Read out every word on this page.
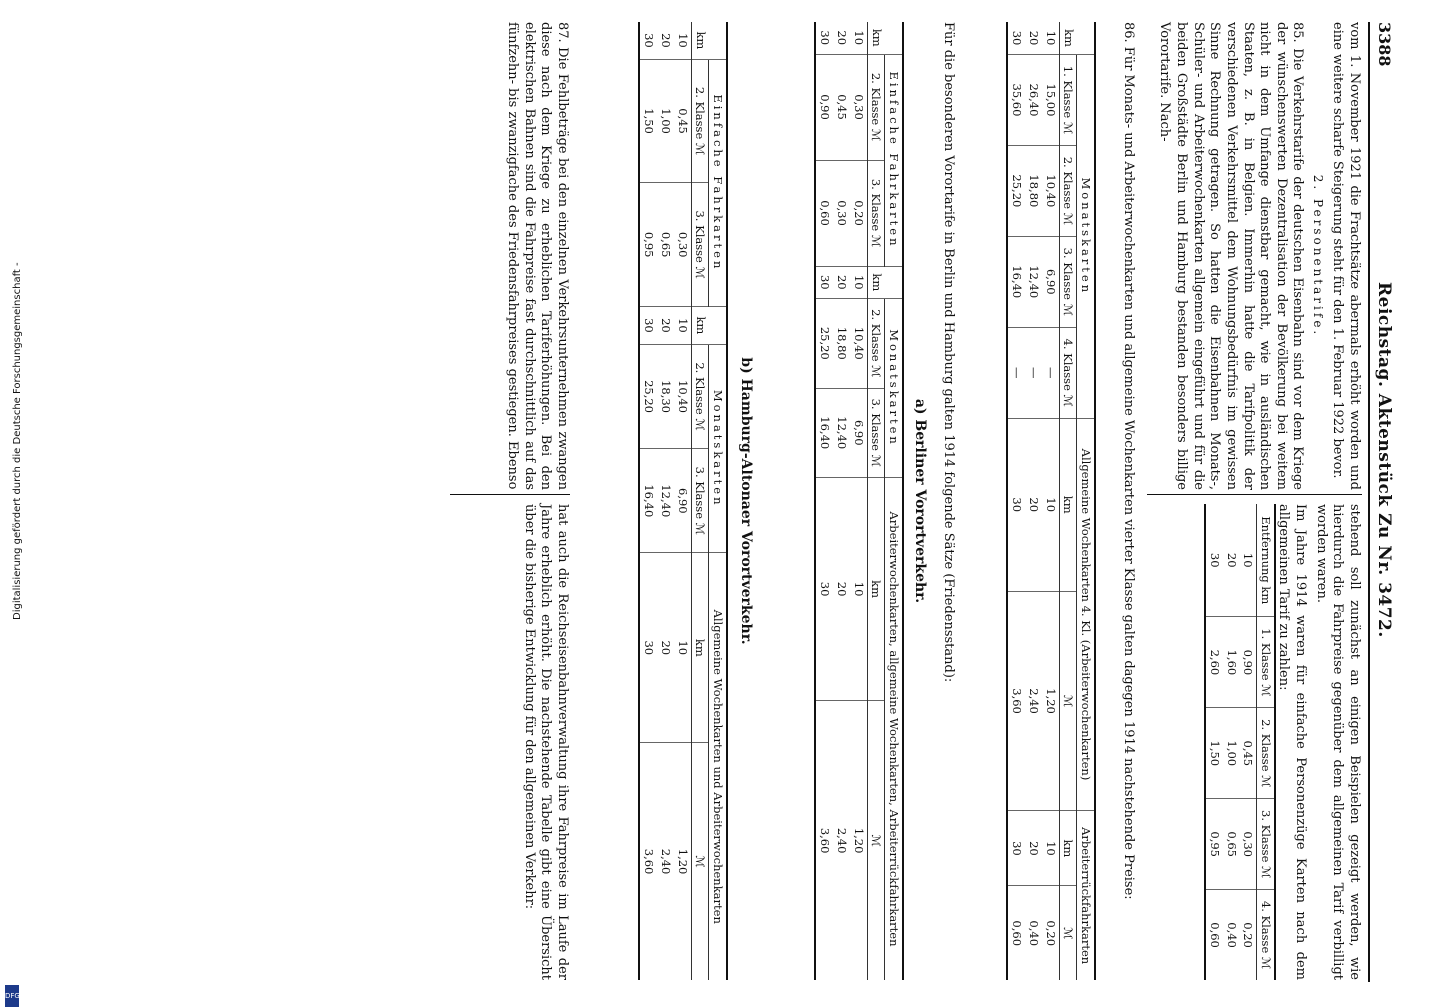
Digitalisierung gefördert durch die Deutsche Forschungsgemeinschaft -
DFG
3388
Reichstag. Aktenstück Zu Nr. 3472.

vom 1. November 1921 die Frachtsätze abermals erhöht worden und eine weitere scharfe Steigerung steht für den 1. Februar 1922 bevor.

2. Personentarife.

85. Die Verkehrstarife der deutschen Eisenbahn sind vor dem Kriege der wünschenswerten Dezentralisation der Bevölkerung bei weitem nicht in dem Umfange dienstbar gemacht, wie in ausländischen Staaten, z. B. in Belgien. Immerhin hatte die Tarifpolitik der verschiedenen Verkehrsmittel dem Wohnungsbedürfnis im gewissen Sinne Rechnung getragen. So hatten die Eisenbahnen Monats-, Schüler- und Arbeiterwochenkarten allgemein eingeführt und für die beiden Großstädte Berlin und Hamburg bestanden besonders billige Vorortarife. Nach-

stehend soll zunächst an einigen Beispielen gezeigt werden, wie hierdurch die Fahrpreise gegenüber dem allgemeinen Tarif verbilligt worden waren.

Im Jahre 1914 waren für einfache Personenzüge Karten nach dem allgemeinen Tarif zu zahlen:

Entfernung km	1. Klasse ℳ	2. Klasse ℳ	3. Klasse ℳ	4. Klasse ℳ
10	0,90	0,45	0,30	0,20
20	1,60	1,00	0,65	0,40
30	2,60	1,50	0,95	0,60

86. Für Monats- und Arbeiterwochenkarten und allgemeine Wochenkarten vierter Klasse galten dagegen 1914 nachstehende Preise:

	Monatskarten				Allgemeine Wochenkarten 4. Kl. (Arbeiterwochenkarten)		Arbeiterrückfahrkarten	
km	1. Klasse ℳ	2. Klasse ℳ	3. Klasse ℳ	4. Klasse ℳ	km	ℳ	km	ℳ
10	15,00	10,40	6,90	—	10	1,20	10	0,20
20	26,40	18,80	12,40	—	20	2,40	20	0,40
30	35,60	25,20	16,40	—	30	3,60	30	0,60

Für die besonderen Vorortarife in Berlin und Hamburg galten 1914 folgende Sätze (Friedensstand):

a) Berliner Vorortverkehr.
	Einfache Fahrkarten			Monatskarten		Arbeiterwochenkarten, allgemeine Wochenkarten, Arbeiterrückfahrkarten	
km	2. Klasse ℳ	3. Klasse ℳ	km	2. Klasse ℳ	3. Klasse ℳ	km	ℳ
10	0,30	0,20	10	10,40	6,90	10	1,20
20	0,45	0,30	20	18,80	12,40	20	2,40
30	0,90	0,60	30	25,20	16,40	30	3,60
b) Hamburg-Altonaer Vorortverkehr.
	Einfache Fahrkarten			Monatskarten		Allgemeine Wochenkarten und Arbeiterwochenkarten	
km	2. Klasse ℳ	3. Klasse ℳ	km	2. Klasse ℳ	3. Klasse ℳ	km	ℳ
10	0,45	0,30	10	10,40	6,90	10	1,20
20	1,00	0,65	20	18,30	12,40	20	2,40
30	1,50	0,95	30	25,20	16,40	30	3,60

87. Die Fehlbeträge bei den einzelnen Verkehrsunternehmen zwangen diese nach dem Kriege zu erheblichen Tariferhöhungen. Bei den elektrischen Bahnen sind die Fahrpreise fast durchschnittlich auf das fünfzehn- bis zwanzigfache des Friedensfahrpreises gestiegen. Ebenso

hat auch die Reichseisenbahnverwaltung ihre Fahrpreise im Laufe der Jahre erheblich erhöht. Die nachstehende Tabelle gibt eine Übersicht über die bisherige Entwicklung für den allgemeinen Verkehr:
